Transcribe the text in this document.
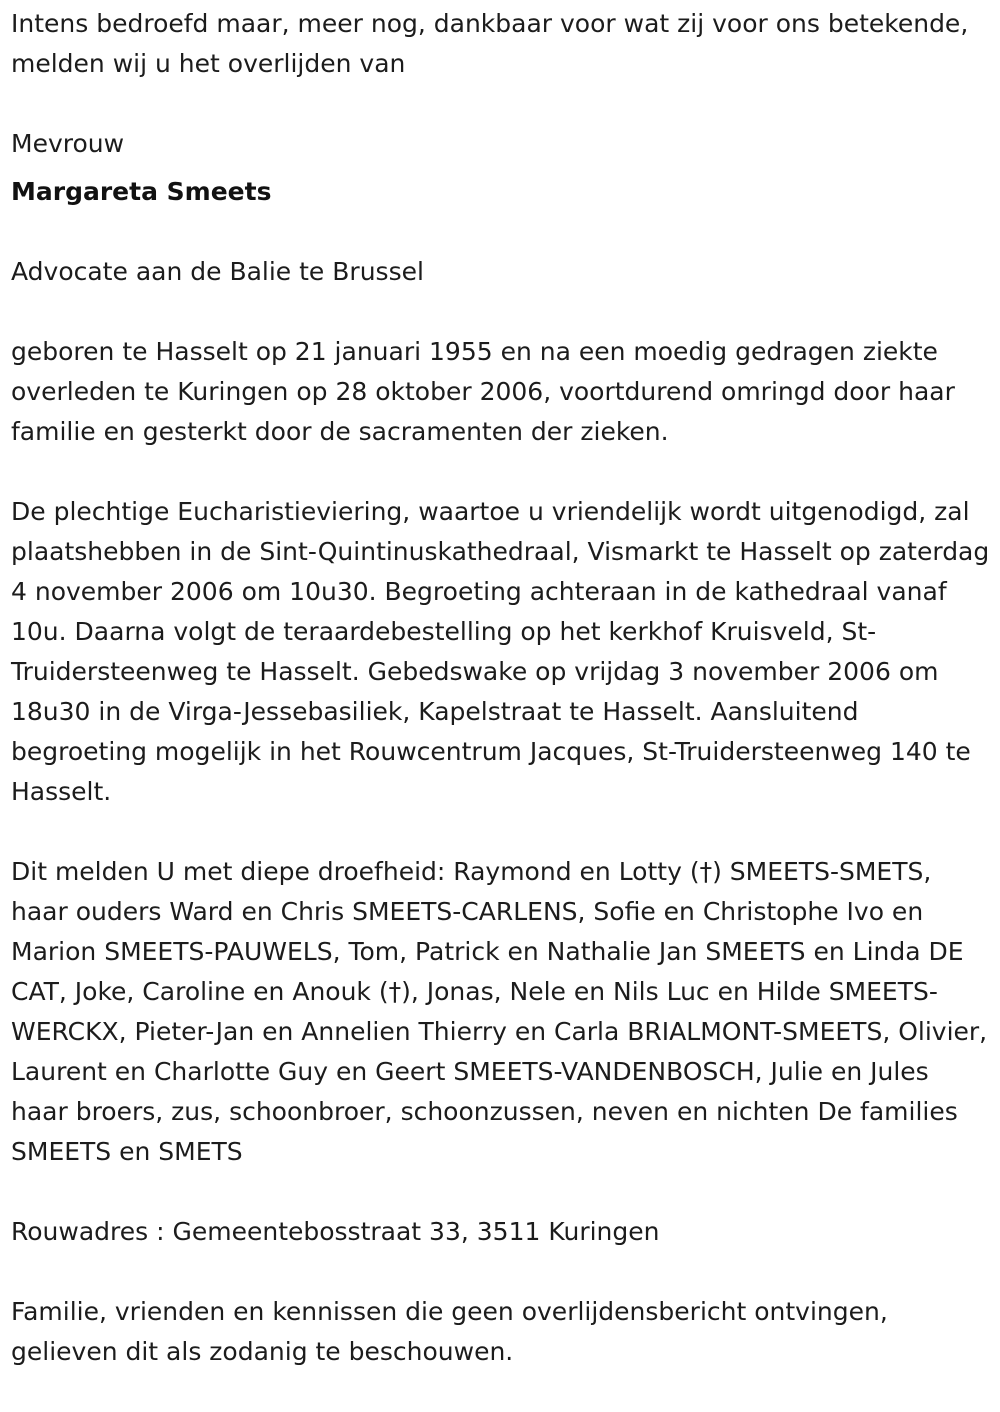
Intens bedroefd maar, meer nog, dankbaar voor wat zij voor ons betekende, melden wij u het overlijden van

Mevrouw

Margareta Smeets

Advocate aan de Balie te Brussel

geboren te Hasselt op 21 januari 1955 en na een moedig gedragen ziekte overleden te Kuringen op 28 oktober 2006, voortdurend omringd door haar familie en gesterkt door de sacramenten der zieken.

De plechtige Eucharistieviering, waartoe u vriendelijk wordt uitgenodigd, zal plaatshebben in de Sint-Quintinuskathedraal, Vismarkt te Hasselt op zaterdag 4 november 2006 om 10u30. Begroeting achteraan in de kathedraal vanaf 10u. Daarna volgt de teraardebestelling op het kerkhof Kruisveld, St-Truidersteenweg te Hasselt. Gebedswake op vrijdag 3 november 2006 om 18u30 in de Virga-Jessebasiliek, Kapelstraat te Hasselt. Aansluitend begroeting mogelijk in het Rouwcentrum Jacques, St-Truidersteenweg 140 te Hasselt.

Dit melden U met diepe droefheid: Raymond en Lotty (†) SMEETS-SMETS, haar ouders Ward en Chris SMEETS-CARLENS, Sofie en Christophe Ivo en Marion SMEETS-PAUWELS, Tom, Patrick en Nathalie Jan SMEETS en Linda DE CAT, Joke, Caroline en Anouk (†), Jonas, Nele en Nils Luc en Hilde SMEETS-WERCKX, Pieter-Jan en Annelien Thierry en Carla BRIALMONT-SMEETS, Olivier, Laurent en Charlotte Guy en Geert SMEETS-VANDENBOSCH, Julie en Jules haar broers, zus, schoonbroer, schoonzussen, neven en nichten De families SMEETS en SMETS

Rouwadres : Gemeentebosstraat 33, 3511 Kuringen

Familie, vrienden en kennissen die geen overlijdensbericht ontvingen, gelieven dit als zodanig te beschouwen.
